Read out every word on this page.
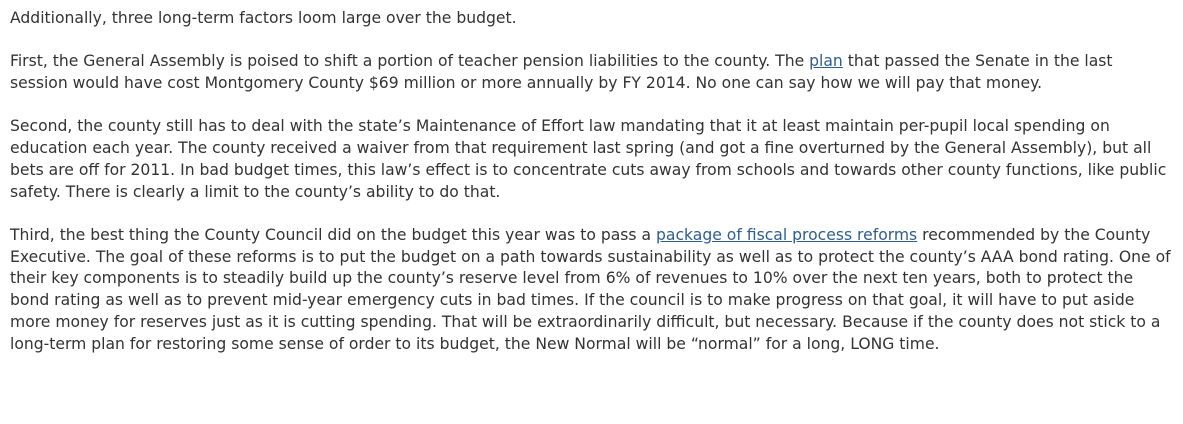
Additionally, three long-term factors loom large over the budget.

First, the General Assembly is poised to shift a portion of teacher pension liabilities to the county. The plan that passed the Senate in the last session would have cost Montgomery County $69 million or more annually by FY 2014. No one can say how we will pay that money.

Second, the county still has to deal with the state’s Maintenance of Effort law mandating that it at least maintain per-pupil local spending on education each year. The county received a waiver from that requirement last spring (and got a fine overturned by the General Assembly), but all bets are off for 2011. In bad budget times, this law’s effect is to concentrate cuts away from schools and towards other county functions, like public safety. There is clearly a limit to the county’s ability to do that.

Third, the best thing the County Council did on the budget this year was to pass a package of fiscal process reforms recommended by the County Executive. The goal of these reforms is to put the budget on a path towards sustainability as well as to protect the county’s AAA bond rating. One of their key components is to steadily build up the county’s reserve level from 6% of revenues to 10% over the next ten years, both to protect the bond rating as well as to prevent mid-year emergency cuts in bad times. If the council is to make progress on that goal, it will have to put aside more money for reserves just as it is cutting spending. That will be extraordinarily difficult, but necessary. Because if the county does not stick to a long-term plan for restoring some sense of order to its budget, the New Normal will be “normal” for a long, LONG time.
